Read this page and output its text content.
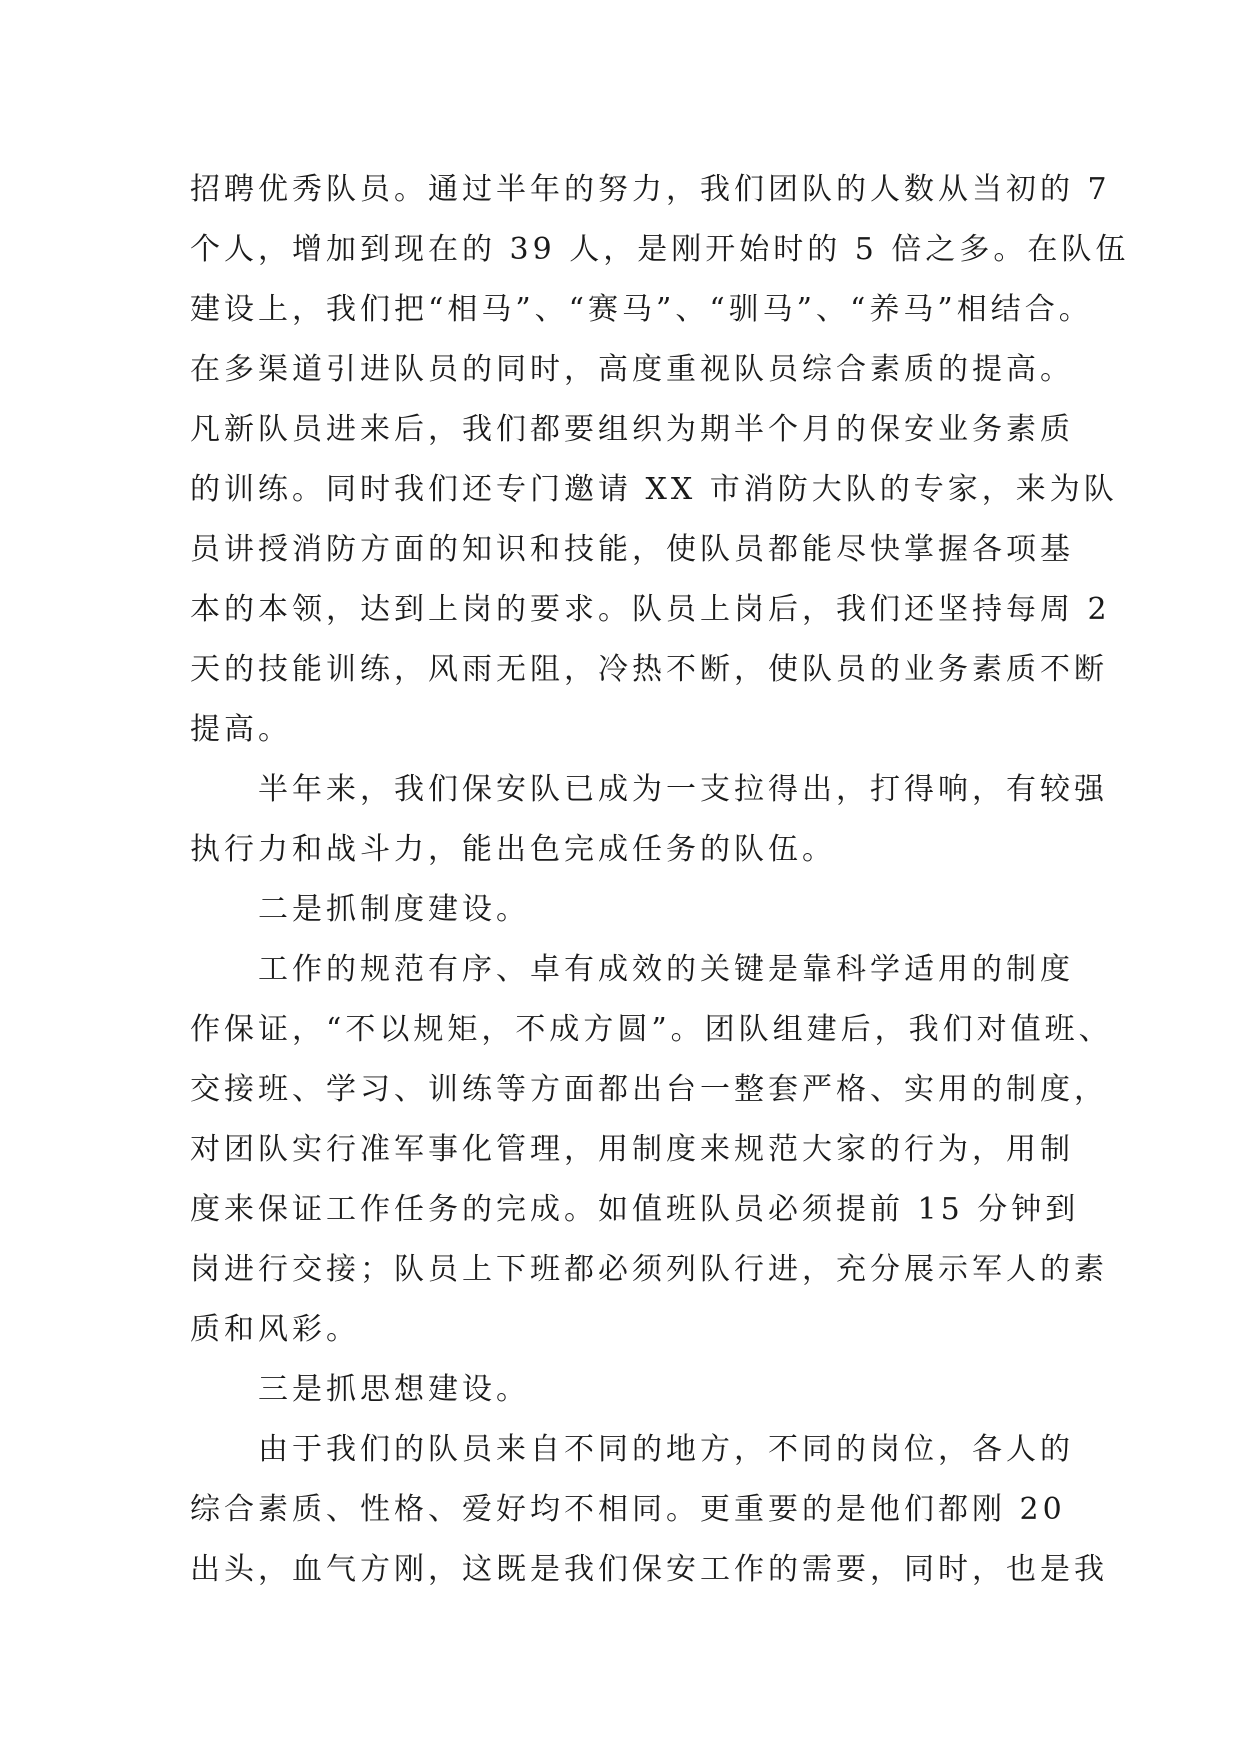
招聘优秀队员。通过半年的努力，我们团队的人数从当初的 7
个人，增加到现在的 39 人，是刚开始时的 5 倍之多。在队伍
建设上，我们把“相马”、“赛马”、“驯马”、“养马”相结合。
在多渠道引进队员的同时，高度重视队员综合素质的提高。
凡新队员进来后，我们都要组织为期半个月的保安业务素质
的训练。同时我们还专门邀请 XX 市消防大队的专家，来为队
员讲授消防方面的知识和技能，使队员都能尽快掌握各项基
本的本领，达到上岗的要求。队员上岗后，我们还坚持每周 2
天的技能训练，风雨无阻，冷热不断，使队员的业务素质不断
提高。
半年来，我们保安队已成为一支拉得出，打得响，有较强
执行力和战斗力，能出色完成任务的队伍。
二是抓制度建设。
工作的规范有序、卓有成效的关键是靠科学适用的制度
作保证，“不以规矩，不成方圆”。团队组建后，我们对值班、
交接班、学习、训练等方面都出台一整套严格、实用的制度，
对团队实行准军事化管理，用制度来规范大家的行为，用制
度来保证工作任务的完成。如值班队员必须提前 15 分钟到
岗进行交接；队员上下班都必须列队行进，充分展示军人的素
质和风彩。
三是抓思想建设。
由于我们的队员来自不同的地方，不同的岗位，各人的
综合素质、性格、爱好均不相同。更重要的是他们都刚 20
出头，血气方刚，这既是我们保安工作的需要，同时，也是我
